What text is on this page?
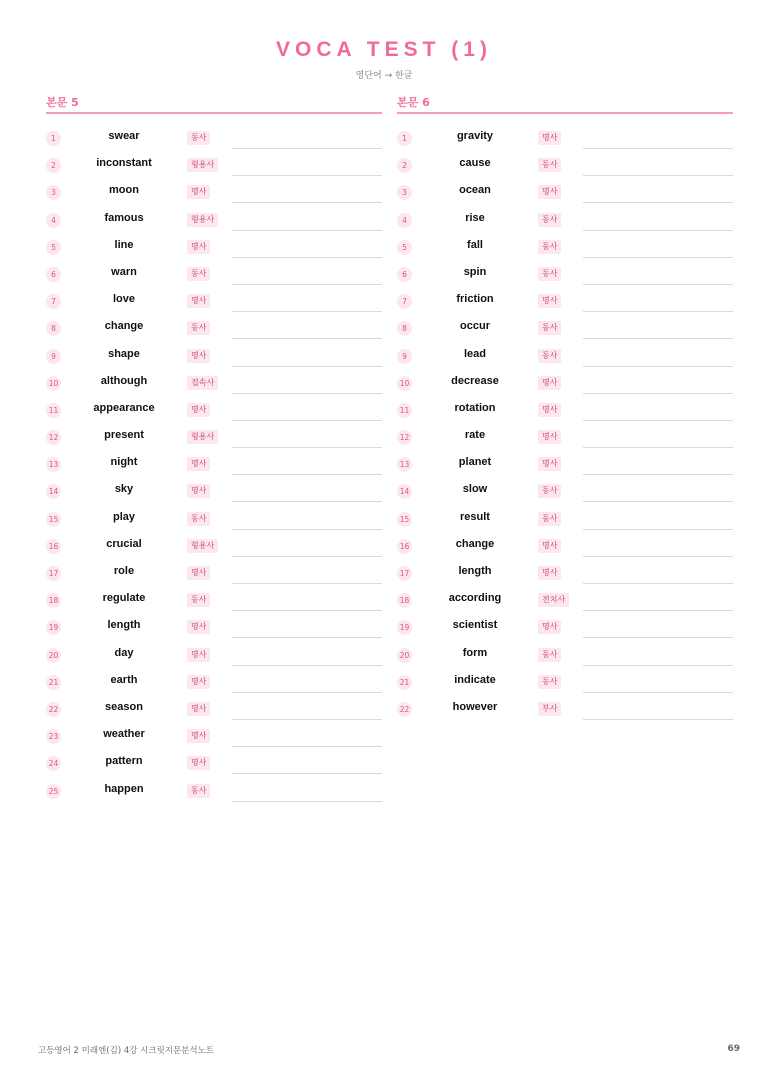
VOCA TEST (1)
영단어 → 한글
본문 5
1	swear	동사
2	inconstant	형용사
3	moon	명사
4	famous	형용사
5	line	명사
6	warn	동사
7	love	명사
8	change	동사
9	shape	명사
10	although	접속사
11	appearance	명사
12	present	형용사
13	night	명사
14	sky	명사
15	play	동사
16	crucial	형용사
17	role	명사
18	regulate	동사
19	length	명사
20	day	명사
21	earth	명사
22	season	명사
23	weather	명사
24	pattern	명사
25	happen	동사
본문 6
1	gravity	명사
2	cause	동사
3	ocean	명사
4	rise	동사
5	fall	동사
6	spin	동사
7	friction	명사
8	occur	동사
9	lead	동사
10	decrease	명사
11	rotation	명사
12	rate	명사
13	planet	명사
14	slow	동사
15	result	동사
16	change	명사
17	length	명사
18	according	전치사
19	scientist	명사
20	form	동사
21	indicate	동사
22	however	부사
고등영어 2 미래엔(김) 4강 시크릿지문분석노트	69
